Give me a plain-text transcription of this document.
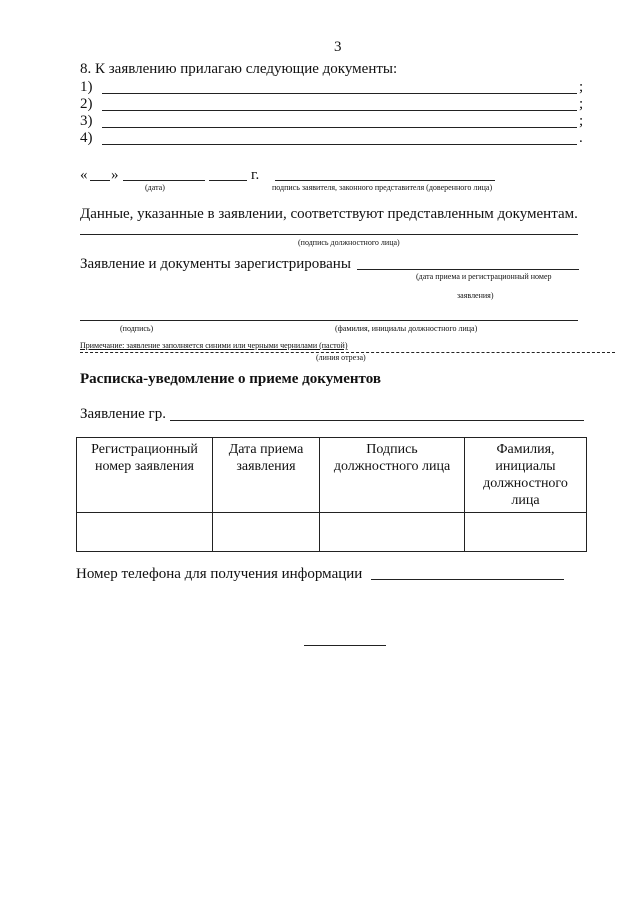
3
8. К заявлению прилагаю следующие документы:
1)	;
2)	;
3)	;
4)	.
« »	г.
(дата)	подпись заявителя, законного представителя (доверенного лица)
Данные, указанные в заявлении, соответствуют представленным документам.
(подпись должностного лица)
Заявление и документы зарегистрированы
(дата приема и регистрационный номер
заявления)
(подпись)	(фамилия, инициалы должностного лица)
Примечание: заявление заполняется синими или черными чернилами (пастой)
(линия отреза)
Расписка-уведомление о приеме документов
Заявление гр.
Регистрационный номер заявления	Дата приема заявления	Подпись должностного лица	Фамилия, инициалы должностного лица

Номер телефона для получения информации
